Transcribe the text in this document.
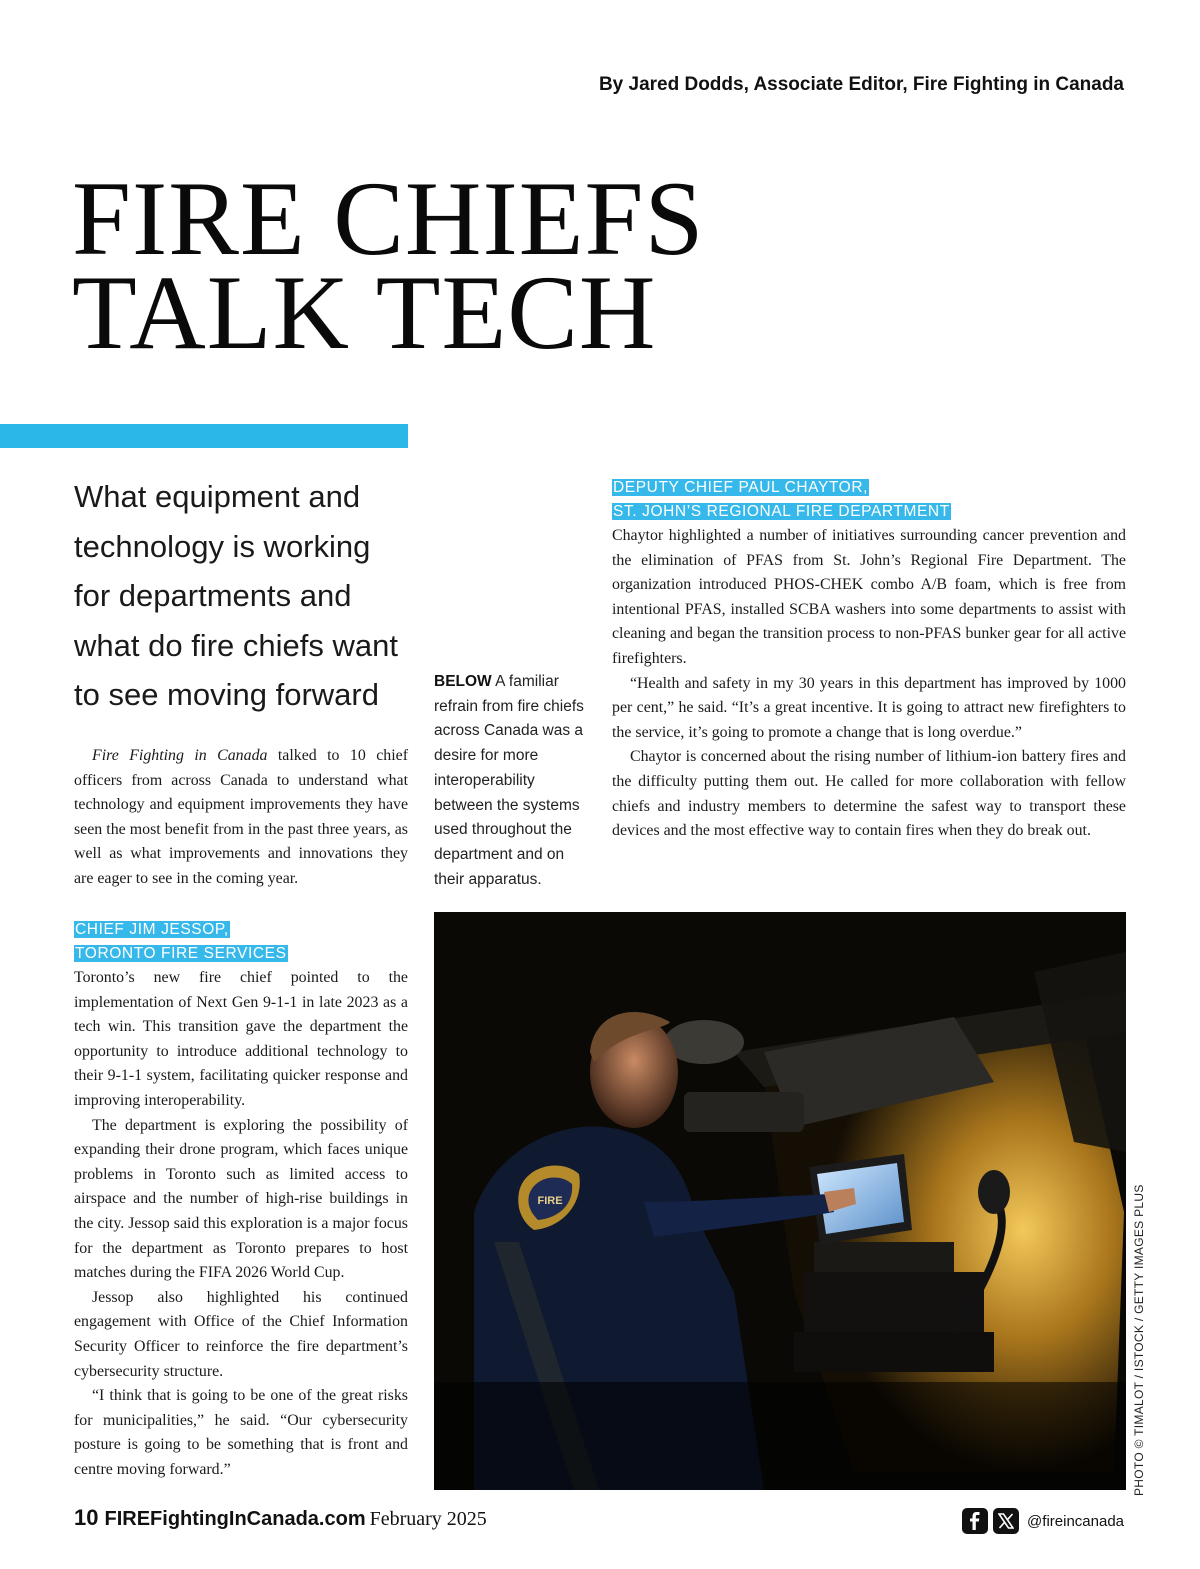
By Jared Dodds, Associate Editor, Fire Fighting in Canada
FIRE CHIEFS
TALK TECH
What equipment and
technology is working
for departments and
what do fire chiefs want
to see moving forward

Fire Fighting in Canada talked to 10 chief officers from across Canada to understand what technology and equipment improvements they have seen the most benefit from in the past three years, as well as what improvements and innovations they are eager to see in the coming year.

BELOW A familiar refrain from fire chiefs across Canada was a desire for more interoperability between the systems used throughout the department and on their apparatus.
CHIEF JIM JESSOP,
TORONTO FIRE SERVICES

Toronto’s new fire chief pointed to the implementation of Next Gen 9-1-1 in late 2023 as a tech win. This transition gave the department the opportunity to introduce additional technology to their 9-1-1 system, facilitating quicker response and improving interoperability.

The department is exploring the possibility of expanding their drone program, which faces unique problems in Toronto such as limited access to airspace and the number of high-rise buildings in the city. Jessop said this exploration is a major focus for the department as Toronto prepares to host matches during the FIFA 2026 World Cup.

Jessop also highlighted his continued engagement with Office of the Chief Information Security Officer to reinforce the fire department’s cybersecurity structure.

“I think that is going to be one of the great risks for municipalities,” he said. “Our cybersecurity posture is going to be something that is front and centre moving forward.”

DEPUTY CHIEF PAUL CHAYTOR,
ST. JOHN’S REGIONAL FIRE DEPARTMENT

Chaytor highlighted a number of initiatives surrounding cancer prevention and the elimination of PFAS from St. John’s Regional Fire Department. The organization introduced PHOS-CHEK combo A/B foam, which is free from intentional PFAS, installed SCBA washers into some departments to assist with cleaning and began the transition process to non-PFAS bunker gear for all active firefighters.

“Health and safety in my 30 years in this department has improved by 1000 per cent,” he said. “It’s a great incentive. It is going to attract new firefighters to the service, it’s going to promote a change that is long overdue.”

Chaytor is concerned about the rising number of lithium-ion battery fires and the difficulty putting them out. He called for more collaboration with fellow chiefs and industry members to determine the safest way to transport these devices and the most effective way to contain fires when they do break out.

FIRE	PHOTO © TIMALOT / ISTOCK / GETTY IMAGES PLUS
10 FIREFightingInCanada.com February 2025	@fireincanada
